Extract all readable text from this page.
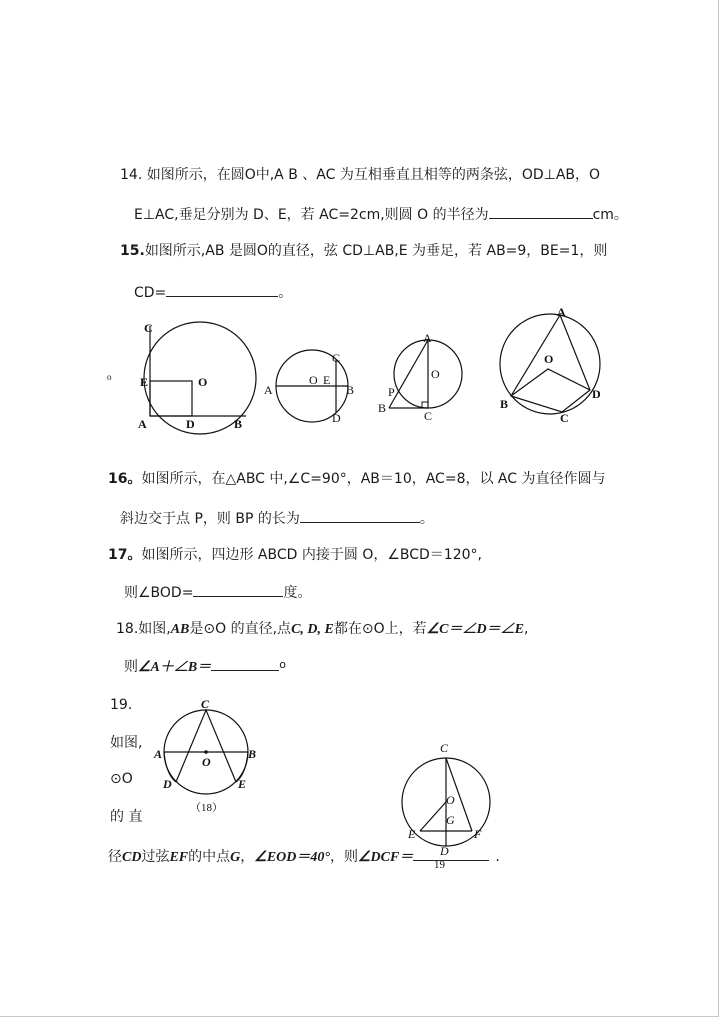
14. 如图所示，在圆O中,A B 、AC 为互相垂直且相等的两条弦，OD⊥AB，O
E⊥AC,垂足分别为 D、E，若 AC=2cm,则圆 O 的半径为	cm。
15.如图所示,AB 是圆O的直径，弦 CD⊥AB,E 为垂足，若 AB=9，BE=1，则
CD=	。
o
C
E	O
A	D	B
A
O E
B
C
D
A
O
P
B
C
A
O
B
C
D
16。如图所示，在△ABC 中,∠C=90°，AB＝10，AC=8，以 AC 为直径作圆与
斜边交于点 P，则 BP 的长为	。
17。如图所示，四边形 ABCD 内接于圆 O，∠BCD＝120°,
则∠BOD=	度。
18.如图,AB是⊙O 的直径,点C, D, E都在⊙O上，若∠C＝∠D＝∠E,
则∠A＋∠B＝	$^o$
19.
如图,
⊙O
的 直
C
A
O
B
D	E
（18）
C
O
G
E	F
D
19
径CD过弦EF的中点G，∠EOD＝40°，则∠DCF＝	.
